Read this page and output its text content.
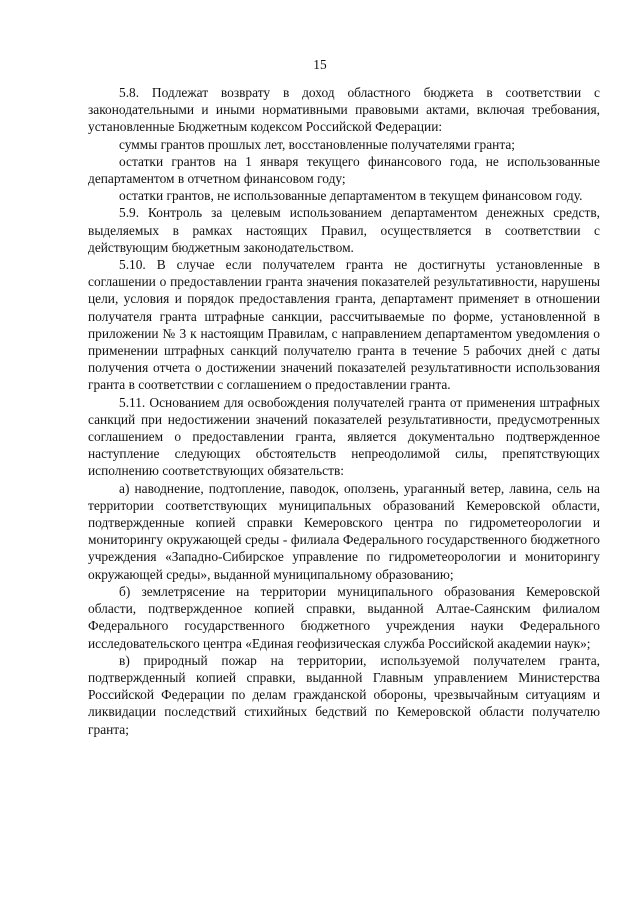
15

5.8. Подлежат возврату в доход областного бюджета в соответствии с законодательными и иными нормативными правовыми актами, включая требования, установленные Бюджетным кодексом Российской Федерации:

суммы грантов прошлых лет, восстановленные получателями гранта;

остатки грантов на 1 января текущего финансового года, не использованные департаментом в отчетном финансовом году;

остатки грантов, не использованные департаментом в текущем финансовом году.

5.9. Контроль за целевым использованием департаментом денежных средств, выделяемых в рамках настоящих Правил, осуществляется в соответствии с действующим бюджетным законодательством.

5.10. В случае если получателем гранта не достигнуты установленные в соглашении о предоставлении гранта значения показателей результативности, нарушены цели, условия и порядок предоставления гранта, департамент применяет в отношении получателя гранта штрафные санкции, рассчитываемые по форме, установленной в приложении № 3 к настоящим Правилам, с направлением департаментом уведомления о применении штрафных санкций получателю гранта в течение 5 рабочих дней с даты получения отчета о достижении значений показателей результативности использования гранта в соответствии с соглашением о предоставлении гранта.

5.11. Основанием для освобождения получателей гранта от применения штрафных санкций при недостижении значений показателей результативности, предусмотренных соглашением о предоставлении гранта, является документально подтвержденное наступление следующих обстоятельств непреодолимой силы, препятствующих исполнению соответствующих обязательств:

а) наводнение, подтопление, паводок, оползень, ураганный ветер, лавина, сель на территории соответствующих муниципальных образований Кемеровской области, подтвержденные копией справки Кемеровского центра по гидрометеорологии и мониторингу окружающей среды - филиала Федерального государственного бюджетного учреждения «Западно-Сибирское управление по гидрометеорологии и мониторингу окружающей среды», выданной муниципальному образованию;

б) землетрясение на территории муниципального образования Кемеровской области, подтвержденное копией справки, выданной Алтае-Саянским филиалом Федерального государственного бюджетного учреждения науки Федерального исследовательского центра «Единая геофизическая служба Российской академии наук»;

в) природный пожар на территории, используемой получателем гранта, подтвержденный копией справки, выданной Главным управлением Министерства Российской Федерации по делам гражданской обороны, чрезвычайным ситуациям и ликвидации последствий стихийных бедствий по Кемеровской области получателю гранта;
